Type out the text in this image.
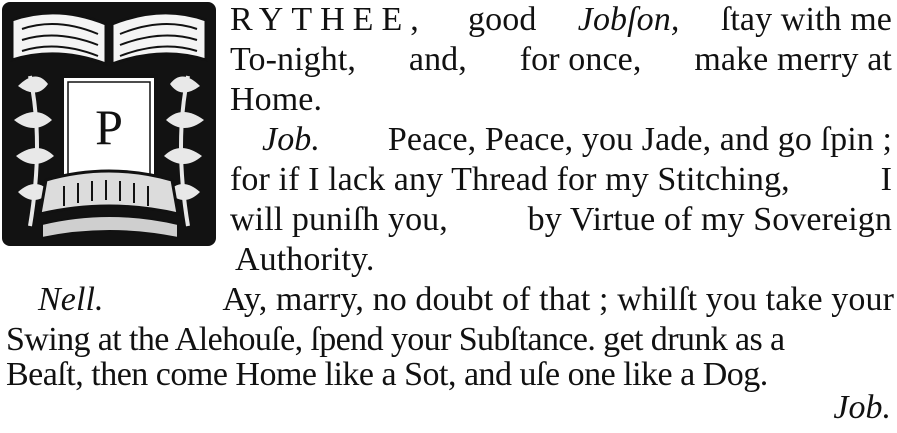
P
RYTHEE, good Jobſon, ſtay with me
To-night, and, for once, make merry at
Home.
Job. Peace, Peace, you Jade, and go ſpin ;
for if I lack any Thread for my Stitching,	I
will puniſh you, by Virtue of my Sovereign
Authority.
Nell.	Ay, marry, no doubt of that ; whilſt you take your
Swing at the Alehouſe, ſpend your Subſtance. get drunk as a
Beaſt, then come Home like a Sot, and uſe one like a Dog.
Job.
